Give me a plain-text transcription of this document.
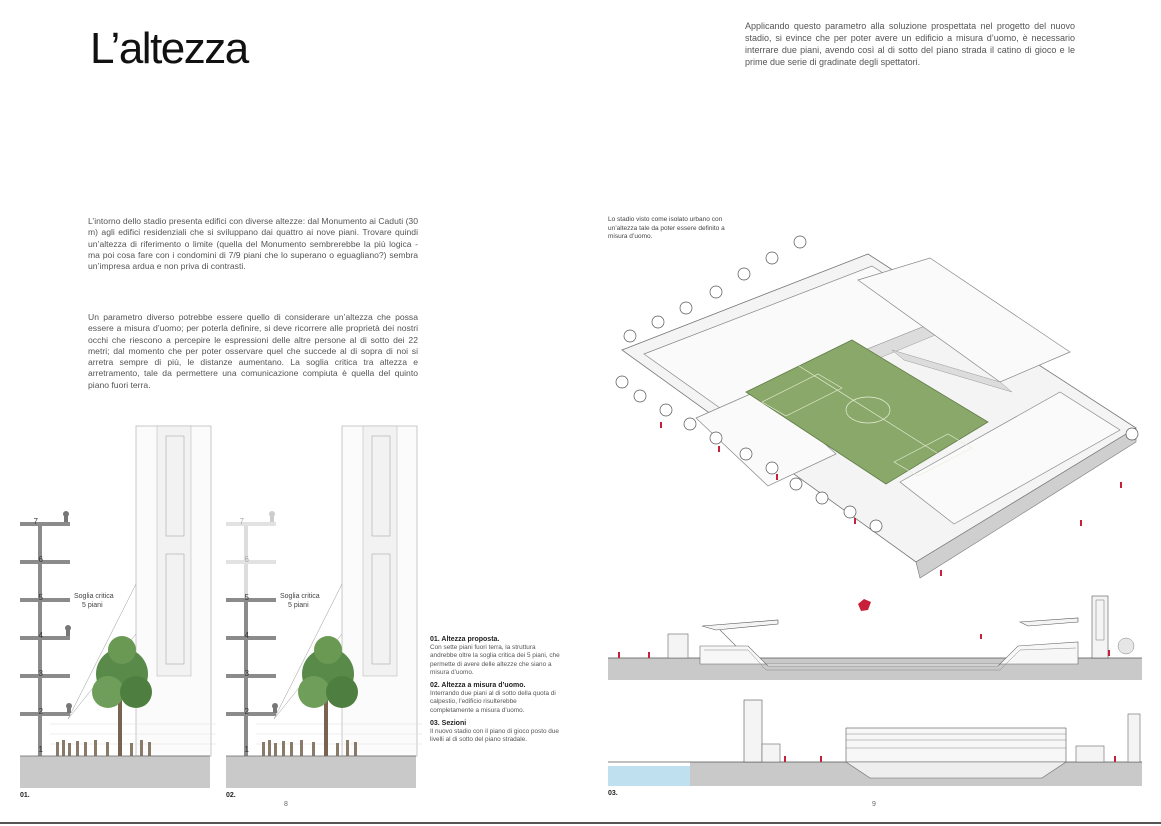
L’altezza
L’intorno dello stadio presenta edifici con diverse altezze: dal Monumento ai Caduti (30 m) agli edifici residenziali che si sviluppano dai quattro ai nove piani. Trovare quindi un’altezza di riferimento o limite (quella del Monumento sembrerebbe la più logica - ma poi cosa fare con i condomini di 7/9 piani che lo superano o eguagliano?) sembra un’impresa ardua e non priva di contrasti.
Un parametro diverso potrebbe essere quello di considerare un’altezza che possa essere a misura d’uomo; per poterla definire, si deve ricorrere alle proprietà dei nostri occhi che riescono a percepire le espressioni delle altre persone al di sotto dei 22 metri; dal momento che per poter osservare quel che succede al di sopra di noi si arretra sempre di più, le distanze aumentano. La soglia critica tra altezza e arretramento, tale da permettere una comunicazione compiuta è quella del quinto piano fuori terra.
7
6
5
4
3
2
1
Soglia critica
5 piani
01.
7
6
5
4
3
2
1
Soglia critica
5 piani
02.
8
01. Altezza proposta.
Con sette piani fuori terra, la struttura andrebbe oltre la soglia critica dei 5 piani, che permette di avere delle altezze che siano a misura d’uomo.
02. Altezza a misura d’uomo.
Interrando due piani al di sotto della quota di calpestio, l’edificio risulterebbe completamente a misura d’uomo.
03. Sezioni
Il nuovo stadio con il piano di gioco posto due livelli al di sotto del piano stradale.
Applicando questo parametro alla soluzione prospettata nel progetto del nuovo stadio, si evince che per poter avere un edificio a misura d’uomo, è necessario interrare due piani, avendo così al di sotto del piano strada il catino di gioco e le prime due serie di gradinate degli spettatori.
Lo stadio visto come isolato urbano con un’altezza tale da poter essere definito a misura d’uomo.
03.
9
